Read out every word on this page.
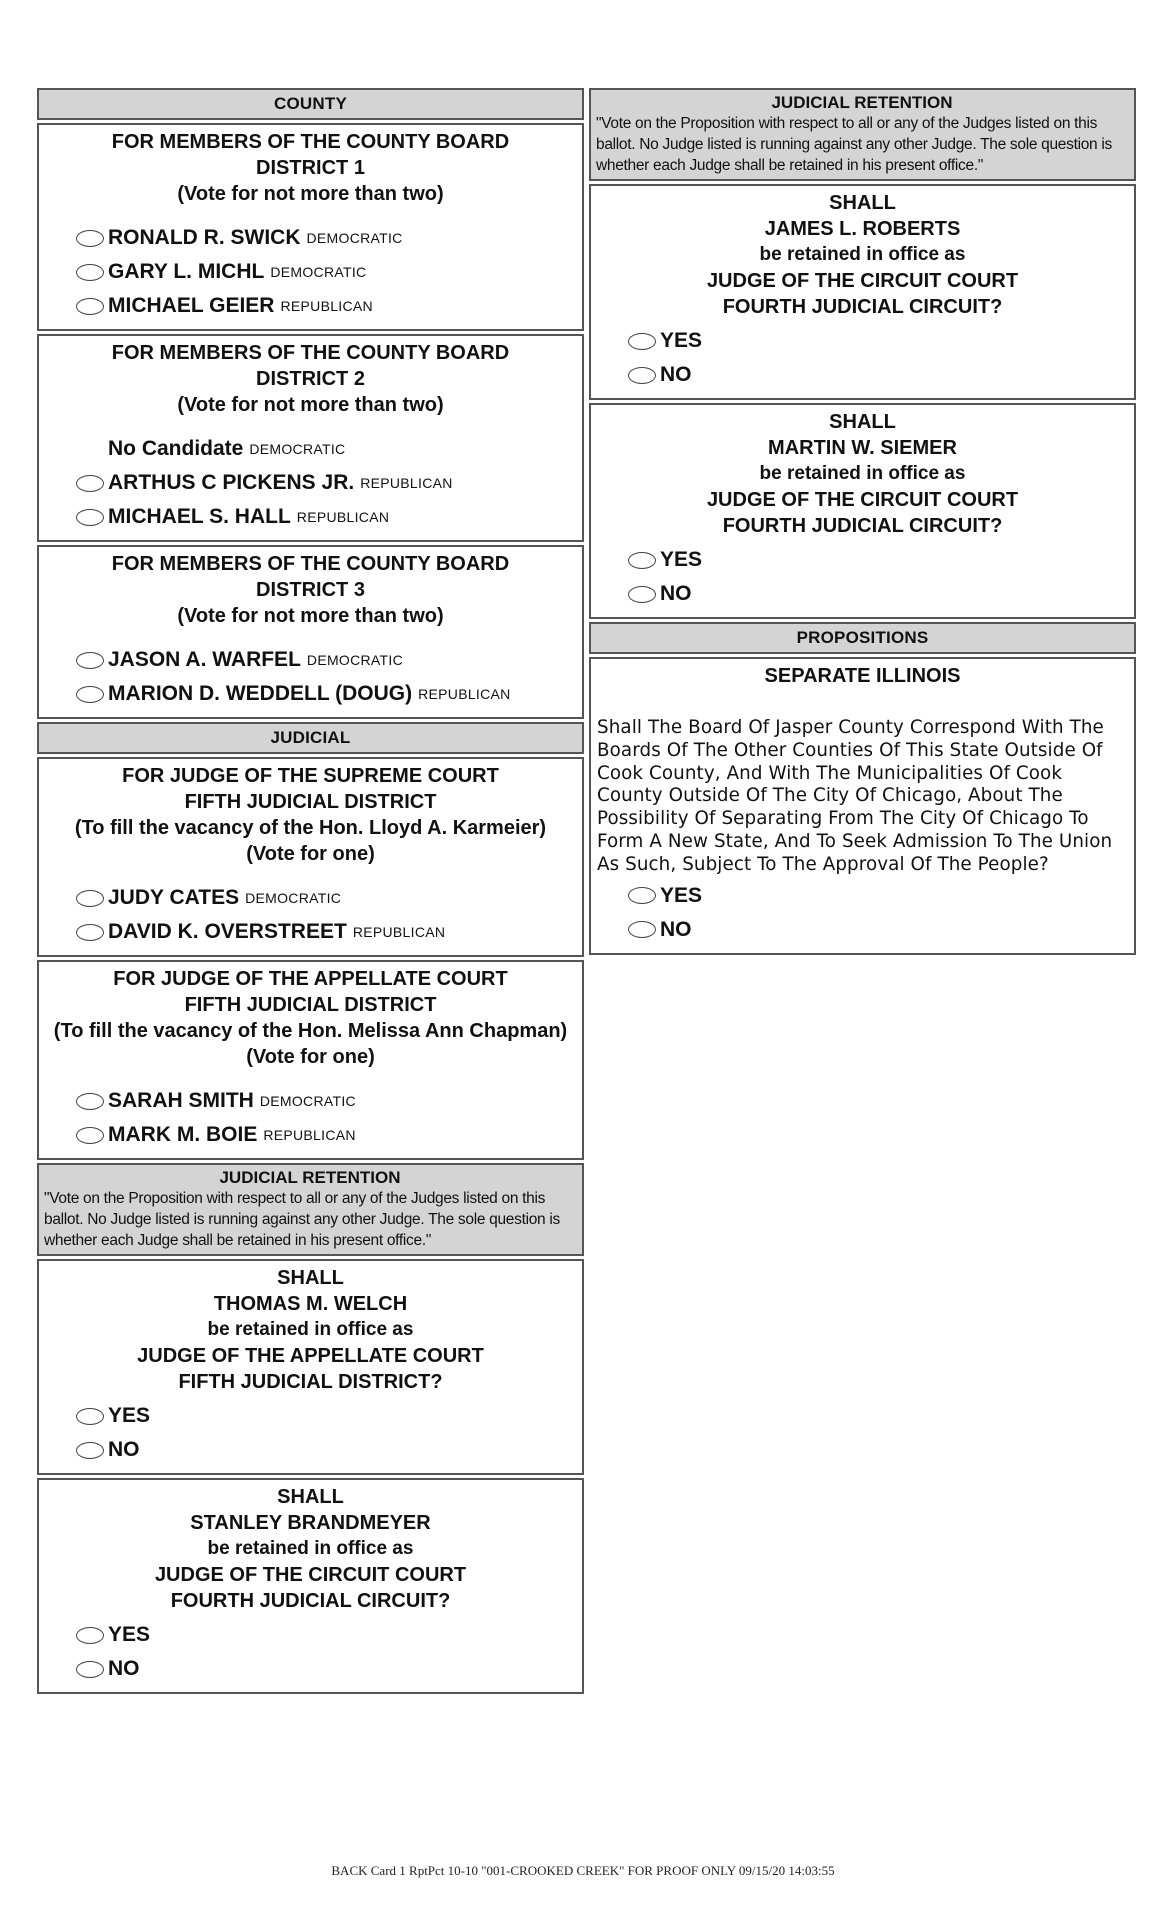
COUNTY
FOR MEMBERS OF THE COUNTY BOARD
DISTRICT 1
(Vote for not more than two)
RONALD R. SWICK DEMOCRATIC
GARY L. MICHL DEMOCRATIC
MICHAEL GEIER REPUBLICAN
FOR MEMBERS OF THE COUNTY BOARD
DISTRICT 2
(Vote for not more than two)
No Candidate DEMOCRATIC
ARTHUS C PICKENS JR. REPUBLICAN
MICHAEL S. HALL REPUBLICAN
FOR MEMBERS OF THE COUNTY BOARD
DISTRICT 3
(Vote for not more than two)
JASON A. WARFEL DEMOCRATIC
MARION D. WEDDELL (DOUG) REPUBLICAN
JUDICIAL
FOR JUDGE OF THE SUPREME COURT
FIFTH JUDICIAL DISTRICT
(To fill the vacancy of the Hon. Lloyd A. Karmeier)
(Vote for one)
JUDY CATES DEMOCRATIC
DAVID K. OVERSTREET REPUBLICAN
FOR JUDGE OF THE APPELLATE COURT
FIFTH JUDICIAL DISTRICT
(To fill the vacancy of the Hon. Melissa Ann Chapman)
(Vote for one)
SARAH SMITH DEMOCRATIC
MARK M. BOIE REPUBLICAN
JUDICIAL RETENTION
"Vote on the Proposition with respect to all or any of the Judges listed on this ballot. No Judge listed is running against any other Judge. The sole question is whether each Judge shall be retained in his present office."
SHALL
THOMAS M. WELCH
be retained in office as
JUDGE OF THE APPELLATE COURT
FIFTH JUDICIAL DISTRICT?
YES
NO
SHALL
STANLEY BRANDMEYER
be retained in office as
JUDGE OF THE CIRCUIT COURT
FOURTH JUDICIAL CIRCUIT?
YES
NO
JUDICIAL RETENTION
"Vote on the Proposition with respect to all or any of the Judges listed on this ballot. No Judge listed is running against any other Judge. The sole question is whether each Judge shall be retained in his present office."
SHALL
JAMES L. ROBERTS
be retained in office as
JUDGE OF THE CIRCUIT COURT
FOURTH JUDICIAL CIRCUIT?
YES
NO
SHALL
MARTIN W. SIEMER
be retained in office as
JUDGE OF THE CIRCUIT COURT
FOURTH JUDICIAL CIRCUIT?
YES
NO
PROPOSITIONS
SEPARATE ILLINOIS
Shall The Board Of Jasper County Correspond With The Boards Of The Other Counties Of This State Outside Of Cook County, And With The Municipalities Of Cook County Outside Of The City Of Chicago, About The Possibility Of Separating From The City Of Chicago To Form A New State, And To Seek Admission To The Union As Such, Subject To The Approval Of The People?
YES
NO
BACK Card 1 RptPct 10-10 "001-CROOKED CREEK" FOR PROOF ONLY 09/15/20 14:03:55
